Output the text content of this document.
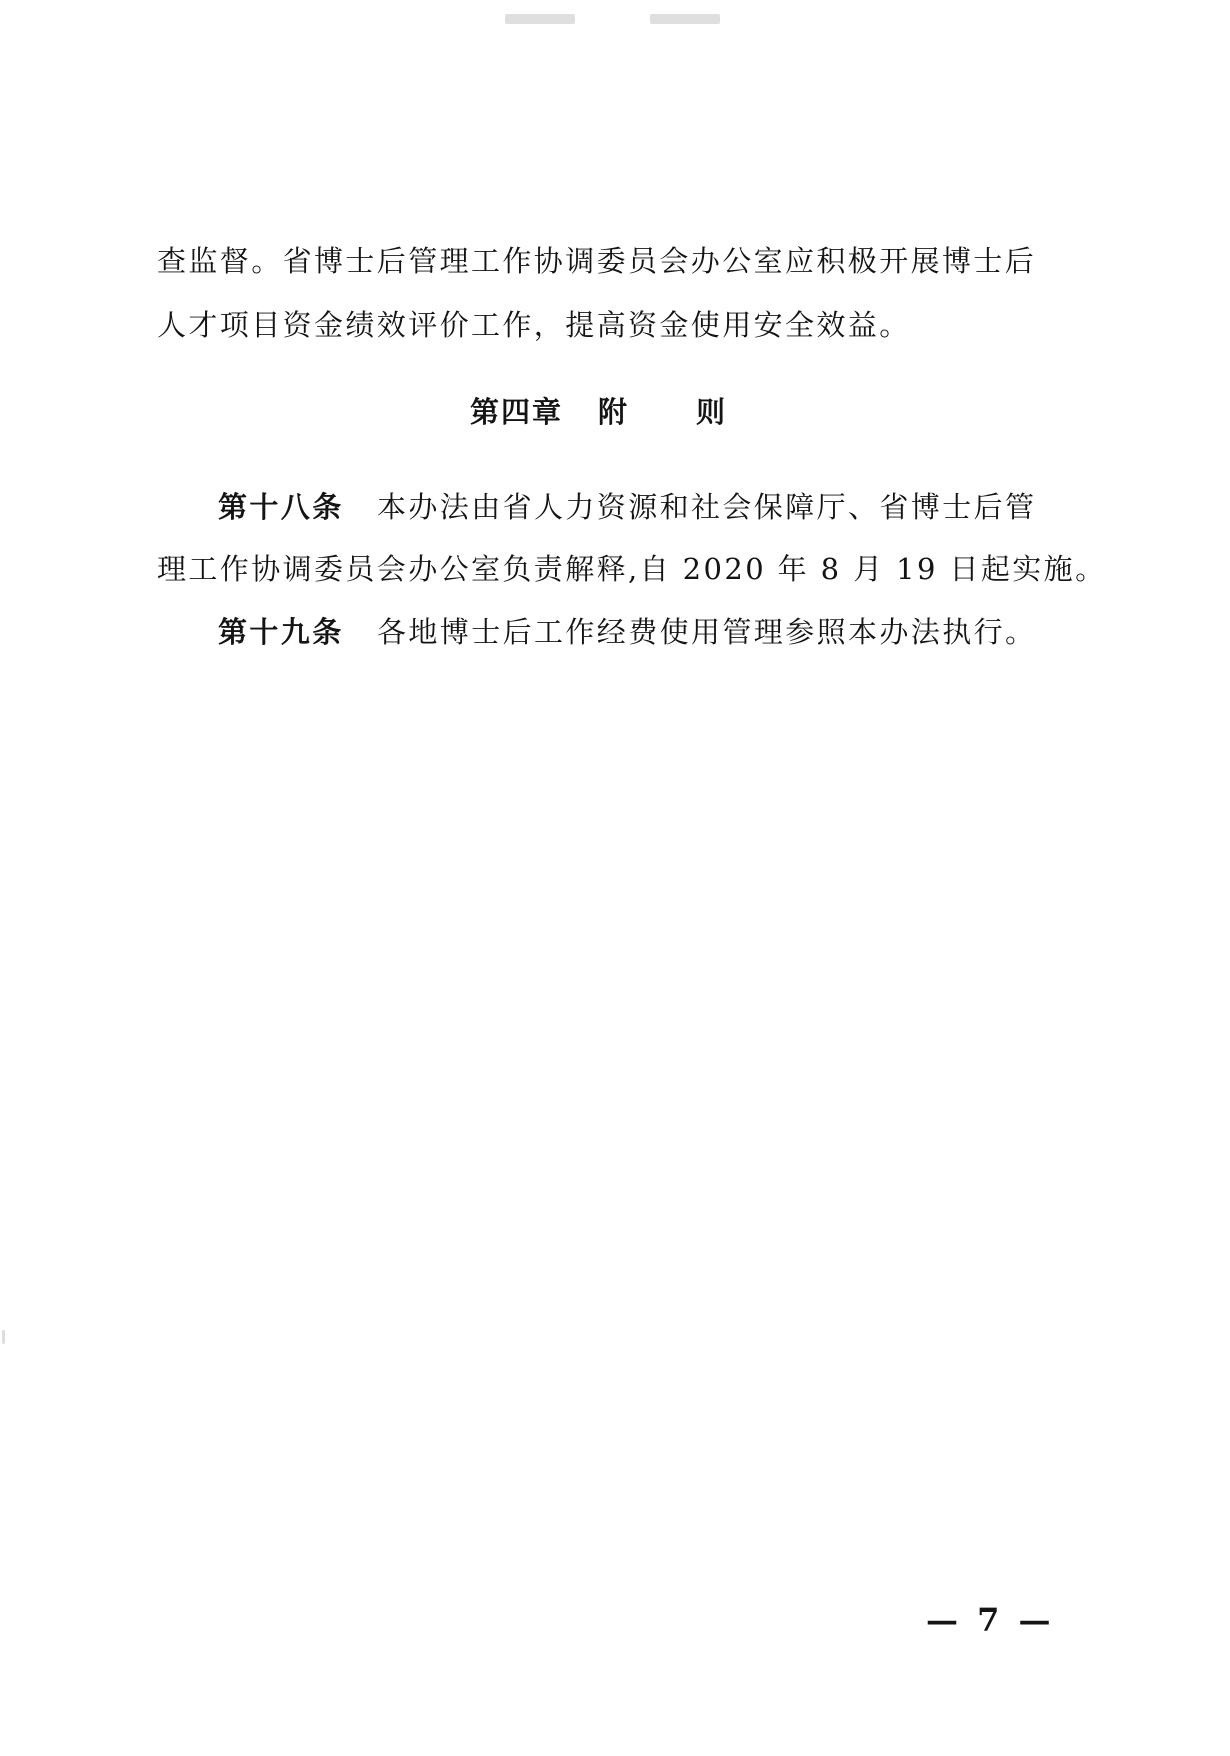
查监督。省博士后管理工作协调委员会办公室应积极开展博士后
人才项目资金绩效评价工作，提高资金使用安全效益。
第四章 附 则
第十八条 本办法由省人力资源和社会保障厅、省博士后管
理工作协调委员会办公室负责解释,自 2020 年 8 月 19 日起实施。
第十九条 各地博士后工作经费使用管理参照本办法执行。
— 7 —
